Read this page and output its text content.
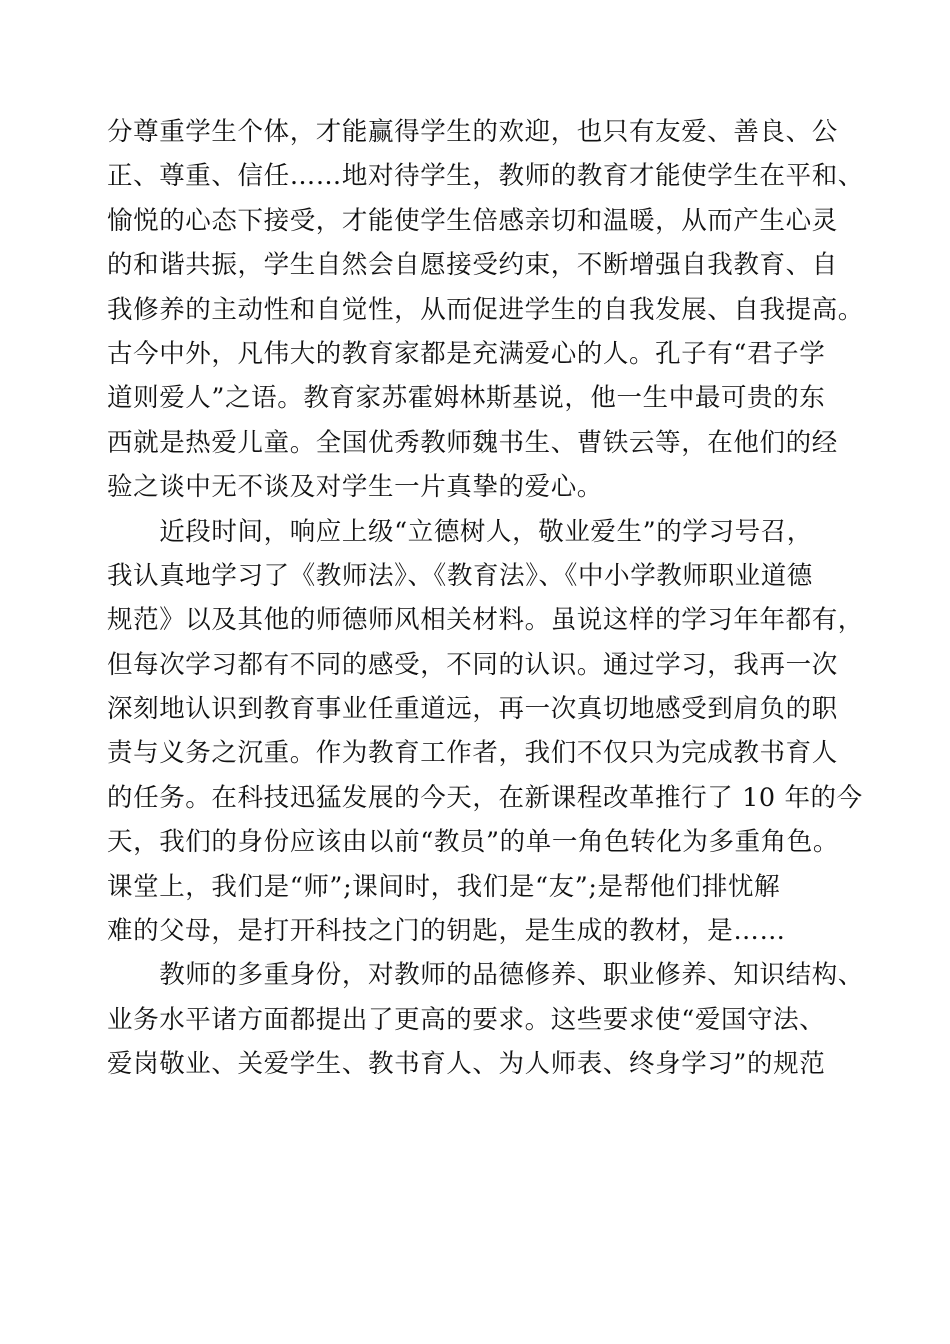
分尊重学生个体，才能赢得学生的欢迎，也只有友爱、善良、公
正、尊重、信任……地对待学生，教师的教育才能使学生在平和、
愉悦的心态下接受，才能使学生倍感亲切和温暖，从而产生心灵
的和谐共振，学生自然会自愿接受约束，不断增强自我教育、自
我修养的主动性和自觉性，从而促进学生的自我发展、自我提高。
古今中外，凡伟大的教育家都是充满爱心的人。孔子有“君子学
道则爱人”之语。教育家苏霍姆林斯基说，他一生中最可贵的东
西就是热爱儿童。全国优秀教师魏书生、曹铁云等，在他们的经
验之谈中无不谈及对学生一片真挚的爱心。
　　近段时间，响应上级“立德树人，敬业爱生”的学习号召，
我认真地学习了《教师法》、《教育法》、《中小学教师职业道德
规范》以及其他的师德师风相关材料。虽说这样的学习年年都有，
但每次学习都有不同的感受，不同的认识。通过学习，我再一次
深刻地认识到教育事业任重道远，再一次真切地感受到肩负的职
责与义务之沉重。作为教育工作者，我们不仅只为完成教书育人
的任务。在科技迅猛发展的今天，在新课程改革推行了 10 年的今
天，我们的身份应该由以前“教员”的单一角色转化为多重角色。
课堂上，我们是“师”;课间时，我们是“友”;是帮他们排忧解
难的父母，是打开科技之门的钥匙，是生成的教材，是……
　　教师的多重身份，对教师的品德修养、职业修养、知识结构、
业务水平诸方面都提出了更高的要求。这些要求使“爱国守法、
爱岗敬业、关爱学生、教书育人、为人师表、终身学习”的规范
